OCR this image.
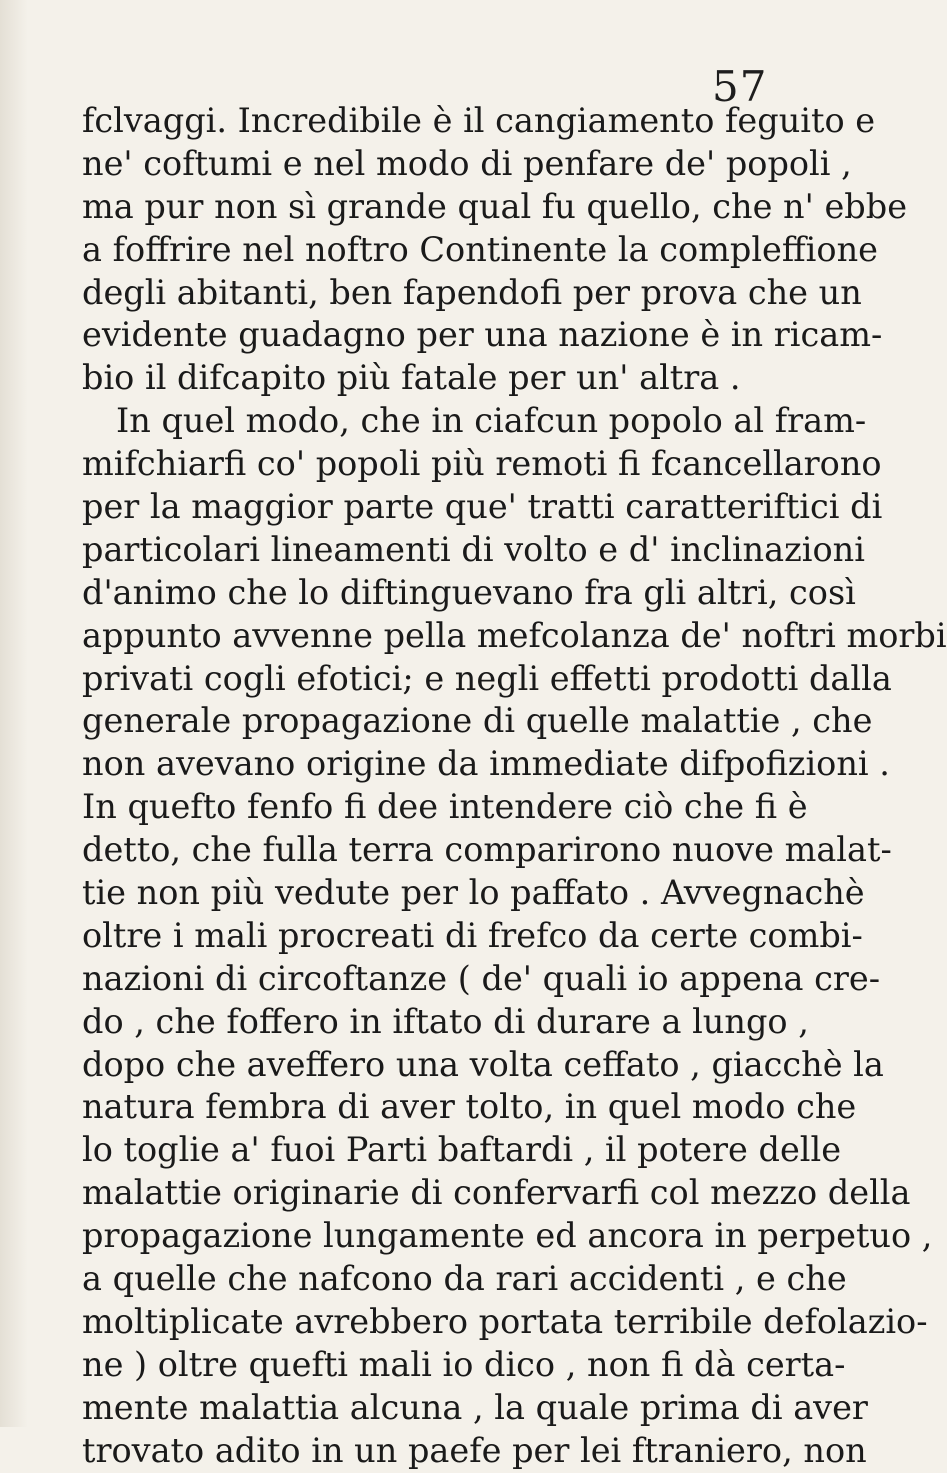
57
fclvaggi. Incredibile è il cangiamento feguito e
ne' coftumi e nel modo di penfare de' popoli ,
ma pur non sì grande qual fu quello, che n' ebbe
a foffrire nel noftro Continente la compleffione
degli abitanti, ben fapendofi per prova che un
evidente guadagno per una nazione è in ricam-
bio il difcapito più fatale per un' altra .
In quel modo, che in ciafcun popolo al fram-
mifchiarfi co' popoli più remoti fi fcancellarono
per la maggior parte que' tratti caratteriftici di
particolari lineamenti di volto e d' inclinazioni
d'animo che lo diftinguevano fra gli altri, così
appunto avvenne pella mefcolanza de' noftri morbi
privati cogli efotici; e negli effetti prodotti dalla
generale propagazione di quelle malattie , che
non avevano origine da immediate difpofizioni .
In quefto fenfo fi dee intendere ciò che fi è
detto, che fulla terra comparirono nuove malat-
tie non più vedute per lo paffato . Avvegnachè
oltre i mali procreati di frefco da certe combi-
nazioni di circoftanze ( de' quali io appena cre-
do , che foffero in iftato di durare a lungo ,
dopo che aveffero una volta ceffato , giacchè la
natura fembra di aver tolto, in quel modo che
lo toglie a' fuoi Parti baftardi , il potere delle
malattie originarie di confervarfi col mezzo della
propagazione lungamente ed ancora in perpetuo ,
a quelle che nafcono da rari accidenti , e che
moltiplicate avrebbero portata terribile defolazio-
ne ) oltre quefti mali io dico , non fi dà certa-
mente malattia alcuna , la quale prima di aver
trovato adito in un paefe per lei ftraniero, non
